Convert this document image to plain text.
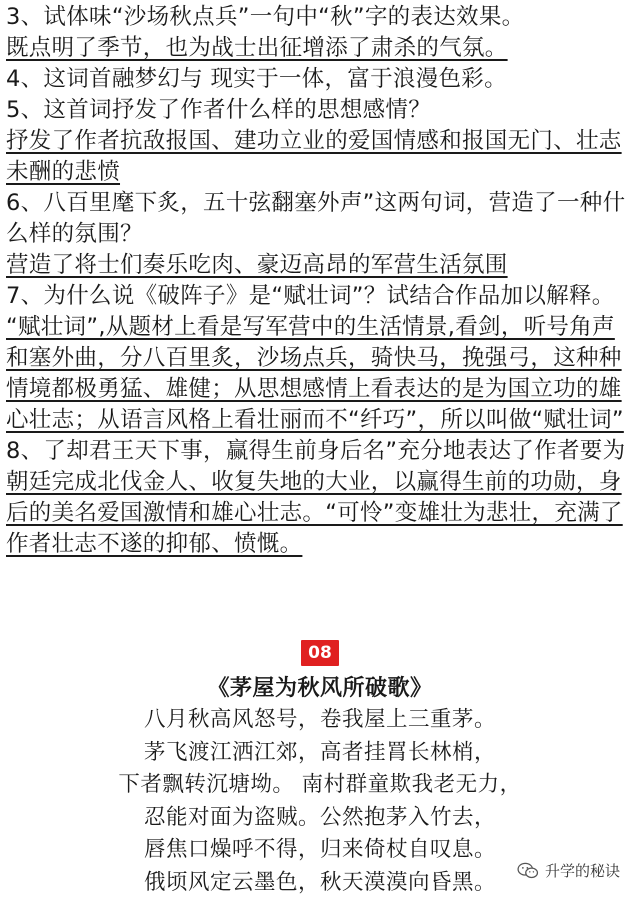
3、试体味“沙场秋点兵”一句中“秋”字的表达效果。
既点明了季节，也为战士出征增添了肃杀的气氛。
4、这词首融梦幻与 现实于一体，富于浪漫色彩。
5、这首词抒发了作者什么样的思想感情？
抒发了作者抗敌报国、建功立业的爱国情感和报国无门、壮志
未酬的悲愤
6、八百里麾下炙，五十弦翻塞外声”这两句词，营造了一种什
么样的氛围？
营造了将士们奏乐吃肉、豪迈高昂的军营生活氛围
7、为什么说《破阵子》是“赋壮词”？试结合作品加以解释。
“赋壮词”,从题材上看是写军营中的生活情景,看剑，听号角声
和塞外曲，分八百里炙，沙场点兵，骑快马，挽强弓，这种种
情境都极勇猛、雄健；从思想感情上看表达的是为国立功的雄
心壮志；从语言风格上看壮丽而不“纤巧”，所以叫做“赋壮词”
8、了却君王天下事，赢得生前身后名”充分地表达了作者要为
朝廷完成北伐金人、收复失地的大业，以赢得生前的功勋，身
后的美名爱国激情和雄心壮志。“可怜”变雄壮为悲壮，充满了
作者壮志不遂的抑郁、愤慨。
08
《茅屋为秋风所破歌》
八月秋高风怒号，卷我屋上三重茅。
茅飞渡江洒江郊，高者挂罥长林梢，
下者飘转沉塘坳。 南村群童欺我老无力，
忍能对面为盗贼。公然抱茅入竹去，
唇焦口燥呼不得，归来倚杖自叹息。
俄顷风定云墨色，秋天漠漠向昏黑。	升学的秘诀
